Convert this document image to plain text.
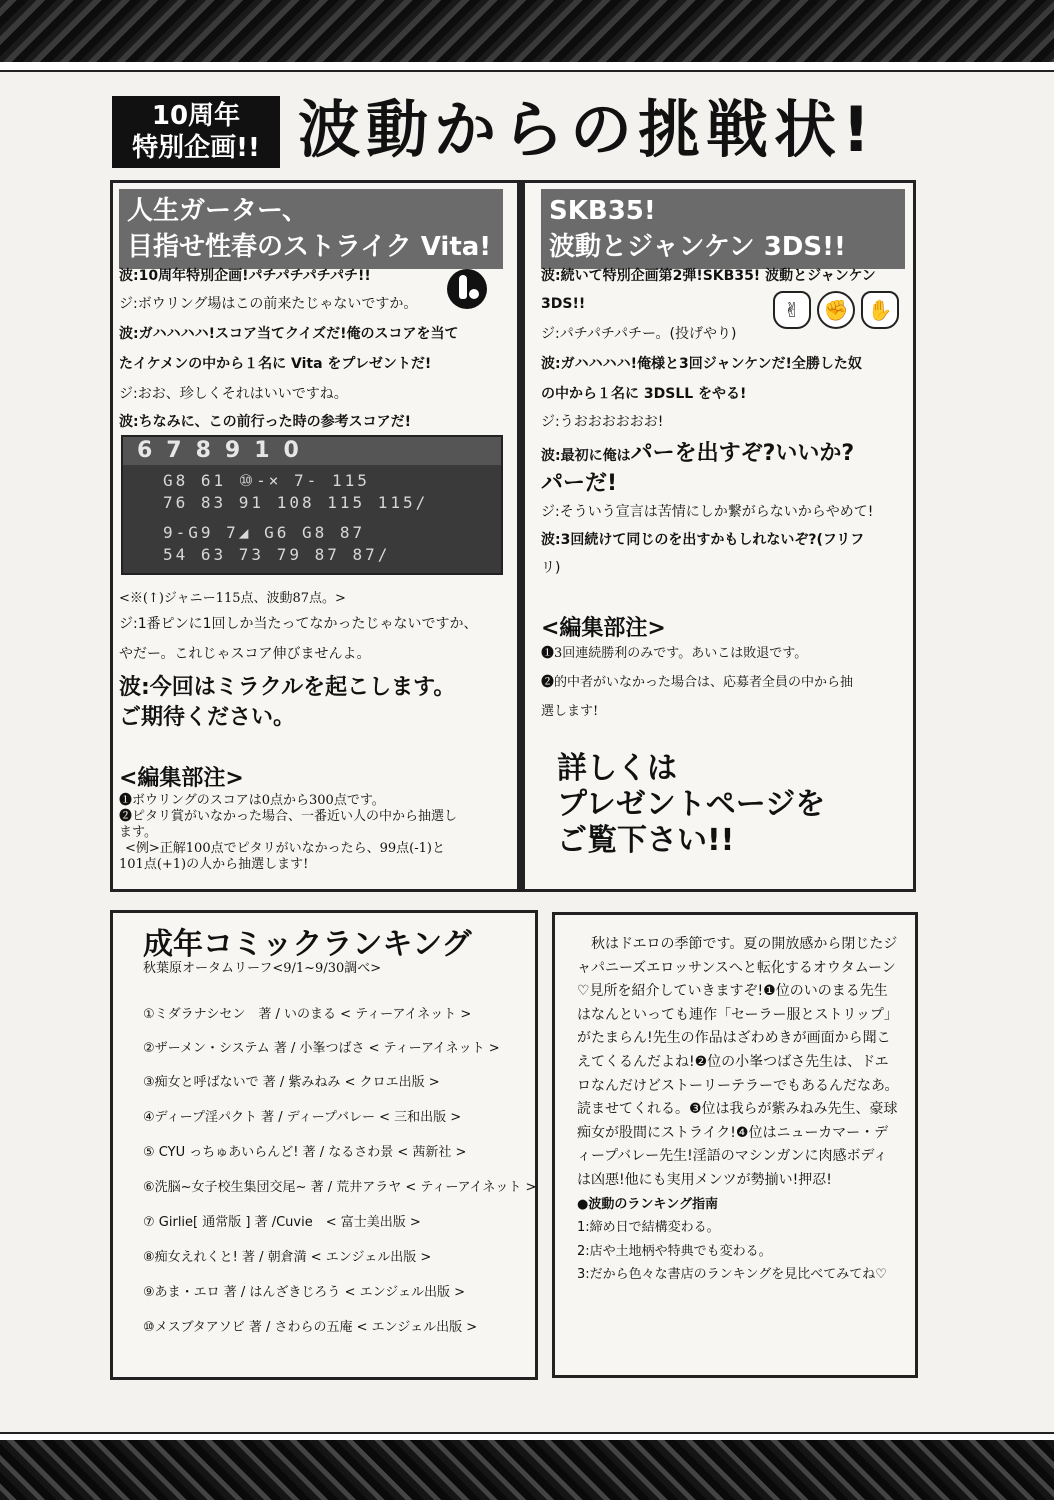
10周年
特別企画!! 波動からの挑戦状!
人生ガーター、
目指せ性春のストライク Vita!
波:10周年特別企画!パチパチパチパチ!!
ジ:ボウリング場はこの前来たじゃないですか。
波:ガハハハハ!スコア当てクイズだ!俺のスコアを当て
たイケメンの中から１名に Vita をプレゼントだ!
ジ:おお、珍しくそれはいいですね。
波:ちなみに、この前行った時の参考スコアだ!
678910
G8 61 ⑩-× 7- 115
76 83 91 108 115 115/
9-G9 7◢ G6 G8 87
54 63 73 79 87 87/
<※(↑)ジャニー115点、波動87点。>
ジ:1番ピンに1回しか当たってなかったじゃないですか、
やだー。これじゃスコア伸びませんよ。
波:今回はミラクルを起こします。
ご期待ください。
<編集部注>
❶ボウリングのスコアは0点から300点です。
❷ピタリ賞がいなかった場合、一番近い人の中から抽選し
ます。
<例>正解100点でピタリがいなかったら、99点(-1)と
101点(+1)の人から抽選します!
SKB35!
波動とジャンケン 3DS!!
波:続いて特別企画第2弾!SKB35! 波動とジャンケン
3DS!!
ジ:パチパチパチー。(投げやり)
✌	✊ ✋
波:ガハハハハ!俺様と3回ジャンケンだ!全勝した奴
の中から１名に 3DSLL をやる!
ジ:うおおおおおお!
波:最初に俺はパーを出すぞ?いいか?
パーだ!
ジ:そういう宣言は苦情にしか繋がらないからやめて!
波:3回続けて同じのを出すかもしれないぞ?(フリフ
リ)
<編集部注>
❶3回連続勝利のみです。あいこは敗退です。
❷的中者がいなかった場合は、応募者全員の中から抽
選します!
詳しくは
プレゼントページを
ご覧下さい!!
成年コミックランキング
秋葉原オータムリーフ<9/1~9/30調べ>
①ミダラナシセン　著 / いのまる < ティーアイネット >
②ザーメン・システム 著 / 小峯つばさ < ティーアイネット >
③痴女と呼ばないで 著 / 紫みねみ < クロエ出版 >
④ディープ淫パクト 著 / ディープバレー < 三和出版 >
⑤ CYU っちゅあいらんど! 著 / なるさわ景 < 茜新社 >
⑥洗脳~女子校生集団交尾~ 著 / 荒井アラヤ < ティーアイネット >
⑦ Girlie[ 通常版 ] 著 /Cuvie　< 富士美出版 >
⑧痴女えれくと! 著 / 朝倉満 < エンジェル出版 >
⑨あま・エロ 著 / はんざきじろう < エンジェル出版 >
⑩メスブタアソビ 著 / さわらの五庵 < エンジェル出版 >

　秋はドエロの季節です。夏の開放感から閉じたジャパニーズエロッサンスへと転化するオウタムーン♡見所を紹介していきますぞ!❶位のいのまる先生はなんといっても連作「セーラー服とストリップ」がたまらん!先生の作品はざわめきが画面から聞こえてくるんだよね!❷位の小峯つばさ先生は、ドエロなんだけどストーリーテラーでもあるんだなあ。読ませてくれる。❸位は我らが紫みねみ先生、豪球痴女が股間にストライク!❹位はニューカマー・ディープバレー先生!淫語のマシンガンに肉感ボディは凶悪!他にも実用メンツが勢揃い!押忍!

●波動のランキング指南

1:締め日で結構変わる。

2:店や土地柄や特典でも変わる。

3:だから色々な書店のランキングを見比べてみてね♡
